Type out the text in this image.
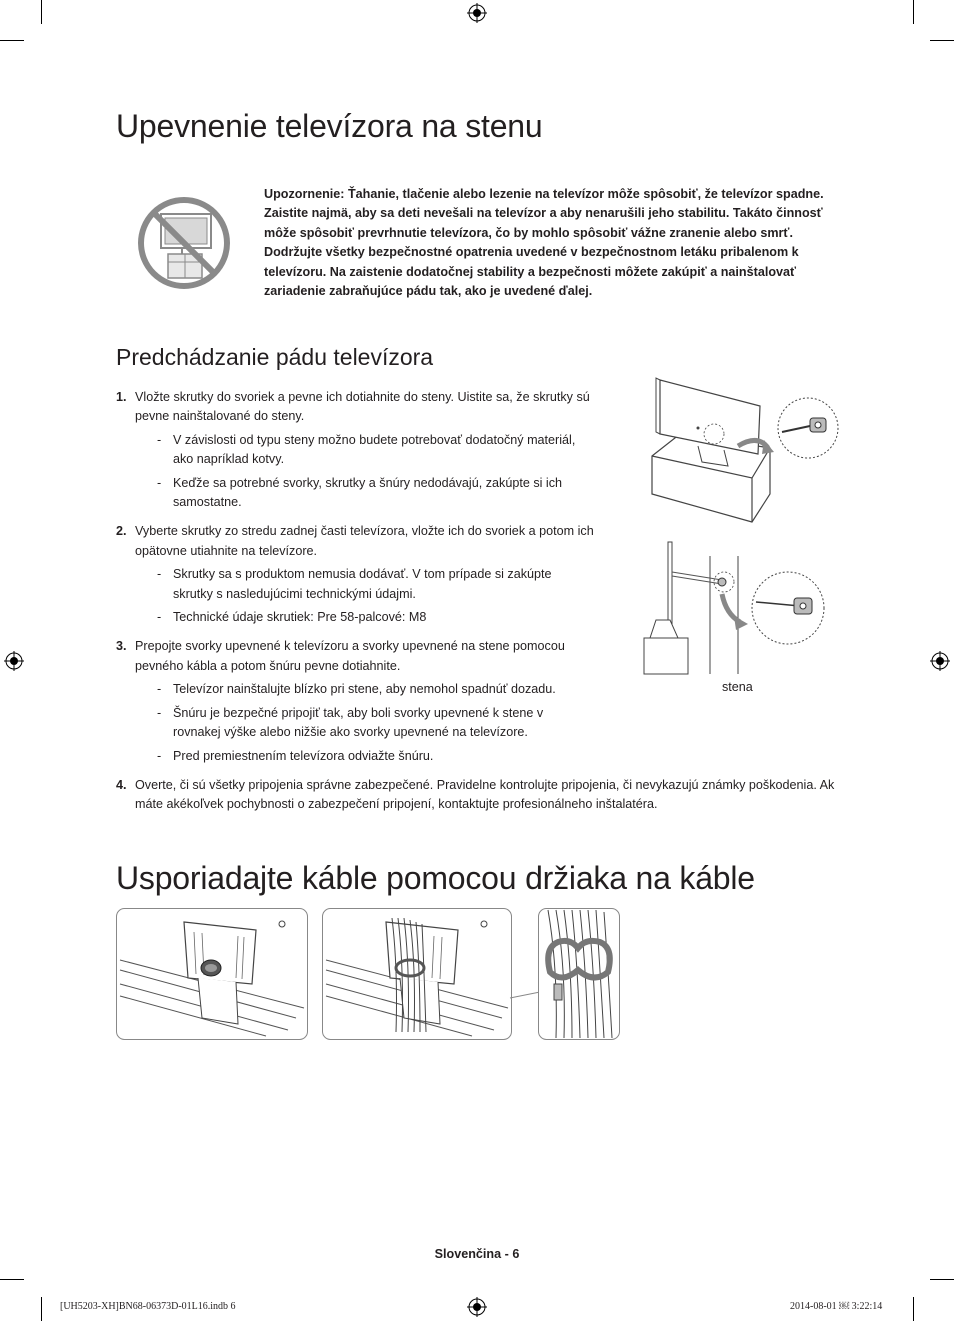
Upevnenie televízora na stenu
Upozornenie: Ťahanie, tlačenie alebo lezenie na televízor môže spôsobiť, že televízor spadne. Zaistite najmä, aby sa deti nevešali na televízor a aby nenarušili jeho stabilitu. Takáto činnosť môže spôsobiť prevrhnutie televízora, čo by mohlo spôsobiť vážne zranenie alebo smrť. Dodržujte všetky bezpečnostné opatrenia uvedené v bezpečnostnom letáku pribalenom k televízoru. Na zaistenie dodatočnej stability a bezpečnosti môžete zakúpiť a nainštalovať zariadenie zabraňujúce pádu tak, ako je uvedené ďalej.
Predchádzanie pádu televízora
1. Vložte skrutky do svoriek a pevne ich dotiahnite do steny. Uistite sa, že skrutky sú pevne nainštalované do steny.
- V závislosti od typu steny možno budete potrebovať dodatočný materiál, ako napríklad kotvy.
- Keďže sa potrebné svorky, skrutky a šnúry nedodávajú, zakúpte si ich samostatne.
2. Vyberte skrutky zo stredu zadnej časti televízora, vložte ich do svoriek a potom ich opätovne utiahnite na televízore.
- Skrutky sa s produktom nemusia dodávať. V tom prípade si zakúpte skrutky s nasledujúcimi technickými údajmi.
- Technické údaje skrutiek: Pre 58-palcové: M8
3. Prepojte svorky upevnené k televízoru a svorky upevnené na stene pomocou pevného kábla a potom šnúru pevne dotiahnite.
- Televízor nainštalujte blízko pri stene, aby nemohol spadnúť dozadu.
- Šnúru je bezpečné pripojiť tak, aby boli svorky upevnené k stene v rovnakej výške alebo nižšie ako svorky upevnené na televízore.
- Pred premiestnením televízora odviažte šnúru.
4. Overte, či sú všetky pripojenia správne zabezpečené. Pravidelne kontrolujte pripojenia, či nevykazujú známky poškodenia. Ak máte akékoľvek pochybnosti o zabezpečení pripojení, kontaktujte profesionálneho inštalatéra.
stena
Usporiadajte káble pomocou držiaka na káble
Slovenčina - 6
[UH5203-XH]BN68-06373D-01L16.indb 6	2014-08-01 ￼ 3:22:14
